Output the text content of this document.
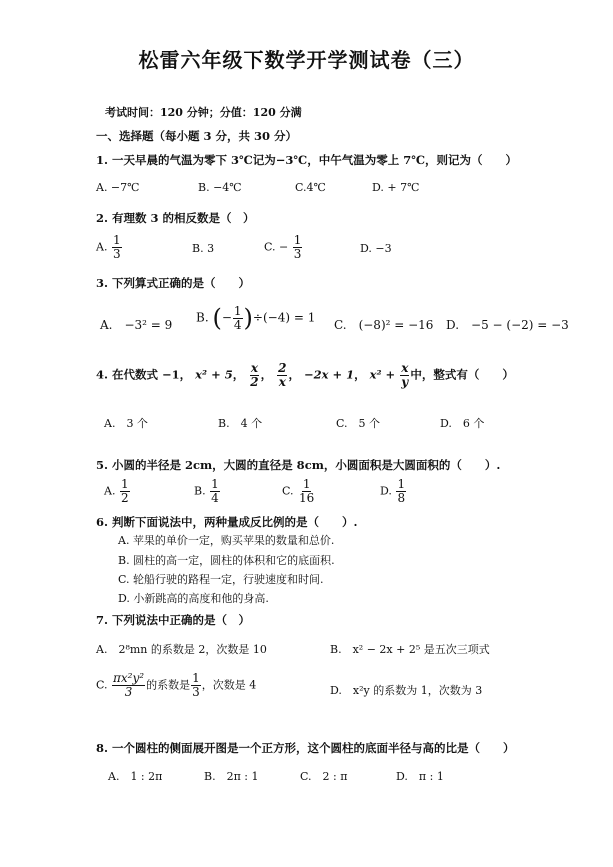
松雷六年级下数学开学测试卷（三）
考试时间：120 分钟；分值：120 分满
一、选择题（每小题 3 分，共 30 分）
1. 一天早晨的气温为零下 3℃记为−3℃，中午气温为零上 7℃，则记为（　　）
A. −7℃	B. −4℃	C.4℃	D. + 7℃
2. 有理数 3 的相反数是（　）
A. $\frac{1}{3}$	B. 3	C. − $\frac{1}{3}$	D. −3
3. 下列算式正确的是（　　）
A.　−3² = 9
B. (− $\frac{1}{4} )\div(-4) = 1$
C.　(−8)² = −16 D.　−5 − (−2) = −3
4. 在代数式 −1， x² + 5， $\frac{x}{2}$ ， $\frac{2}{x}$ ， −2x + 1， $x^2 + \frac{x}{y}$ 中，整式有（　　）
A.　3 个	B.　4 个	C.　5 个	D.　6 个
5. 小圆的半径是 2cm，大圆的直径是 8cm，小圆面积是大圆面积的（　　）.
A. $\frac{1}{2}$	B. $\frac{1}{4}$	C. $\frac{1}{16}$	D. $\frac{1}{8}$
6. 判断下面说法中，两种量成反比例的是（　　）.
A. 苹果的单价一定，购买苹果的数量和总价.
B. 圆柱的高一定，圆柱的体积和它的底面积.
C. 轮船行驶的路程一定，行驶速度和时间.
D. 小新跳高的高度和他的身高.
7. 下列说法中正确的是（　）
A.　2⁸mn 的系数是 2，次数是 10	B.　x² − 2x + 2⁵ 是五次三项式
C. $\frac{\text{πx²y²}}{3}$ 的系数是 $\frac{1}{3}$ ，次数是 4	D.　x²y 的系数为 1，次数为 3
8. 一个圆柱的侧面展开图是一个正方形，这个圆柱的底面半径与高的比是（　　）
A.　1 : 2π	B.　2π : 1	C.　2 : π	D.　π : 1
